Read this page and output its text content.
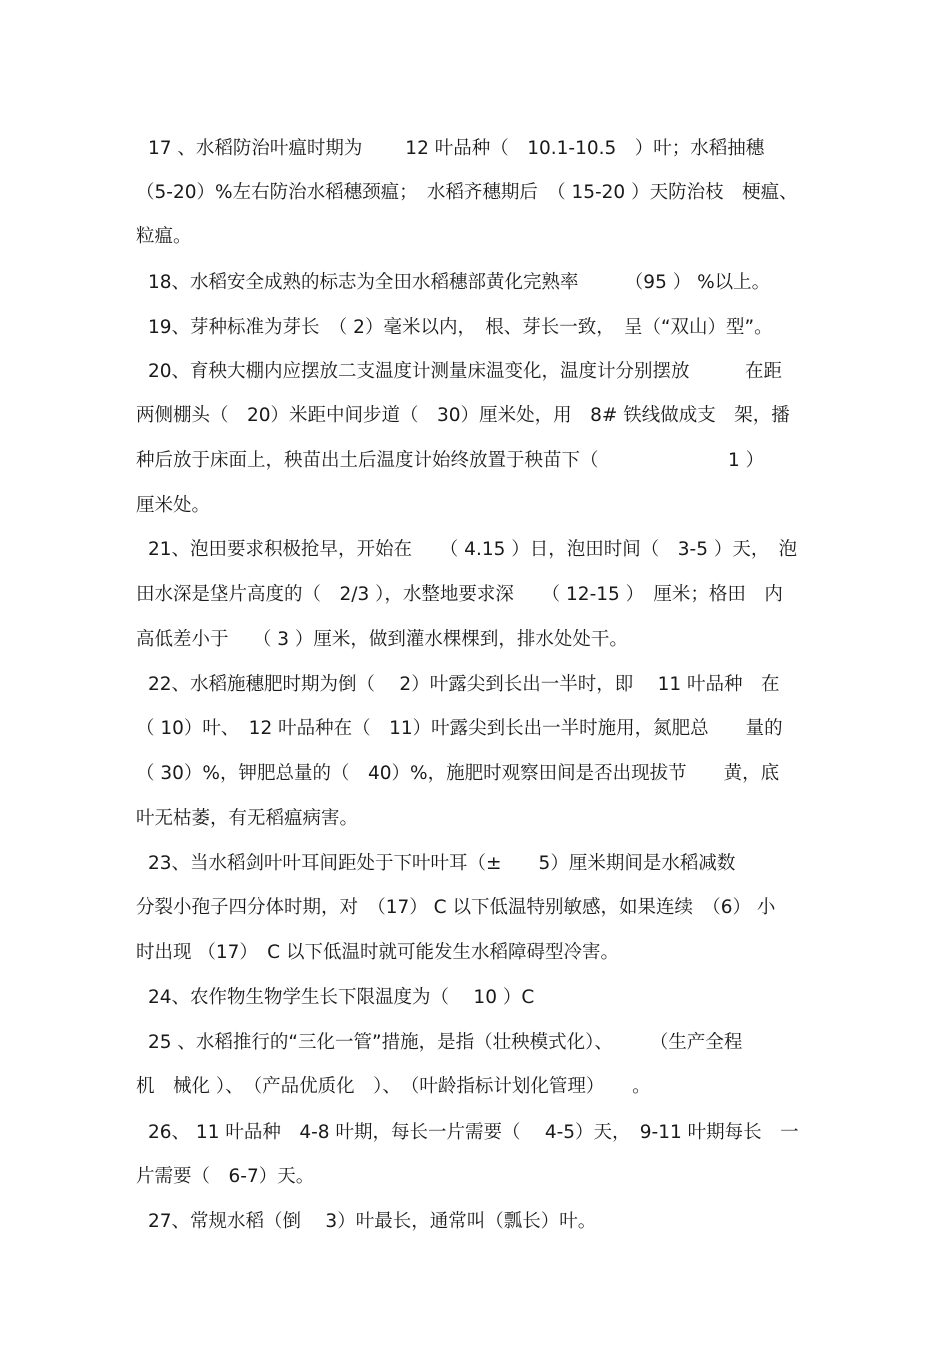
17 、水稻防治叶瘟时期为　　 12 叶品种（　10.1-10.5　）叶；水稻抽穗
（5-20）%左右防治水稻穗颈瘟；　水稻齐穗期后　（ 15-20 ）天防治枝　梗瘟、
粒瘟。
18、水稻安全成熟的标志为全田水稻穗部黄化完熟率　　　（95 ） %以上。
19、芽种标准为芽长　（ 2）毫米以内，　根、芽长一致，　呈（“双山）型”。
20、育秧大棚内应摆放二支温度计测量床温变化，温度计分别摆放　　　在距
两侧棚头（　20）米距中间步道（　30）厘米处，用　8# 铁线做成支　架，播
种后放于床面上，秧苗出土后温度计始终放置于秧苗下（　　　　　　　1 ）
厘米处。
21、泡田要求积极抢早，开始在　　（ 4.15 ）日，泡田时间（　3-5 ）天，　泡
田水深是垡片高度的（　2/3 ），水整地要求深　　（ 12-15 ）　厘米；格田　内
高低差小于　 （ 3 ）厘米，做到灌水棵棵到，排水处处干。
22、水稻施穗肥时期为倒（　 2）叶露尖到长出一半时，即　 11 叶品种　在
（ 10）叶、　12 叶品种在（　11）叶露尖到长出一半时施用，氮肥总　　量的
（ 30）%，钾肥总量的（　40）%，施肥时观察田间是否出现拔节　　黄，底
叶无枯萎，有无稻瘟病害。
23、当水稻剑叶叶耳间距处于下叶叶耳（±　　5）厘米期间是水稻减数
分裂小孢子四分体时期，对　（17） C 以下低温特别敏感，如果连续　（6） 小
时出现 （17）　C 以下低温时就可能发生水稻障碍型冷害。
24、农作物生物学生长下限温度为（　 10 ）C
25 、水稻推行的“三化一管”措施，是指（壮秧模式化）、　　　（生产全程
机　械化 ）、　（产品优质化　）、　（叶龄指标计划化管理）　　。
26、 11 叶品种　4-8 叶期，每长一片需要（　 4-5）天，　9-11 叶期每长　一
片需要（　6-7）天。
27、常规水稻（倒　 3）叶最长，通常叫（瓢长）叶。
